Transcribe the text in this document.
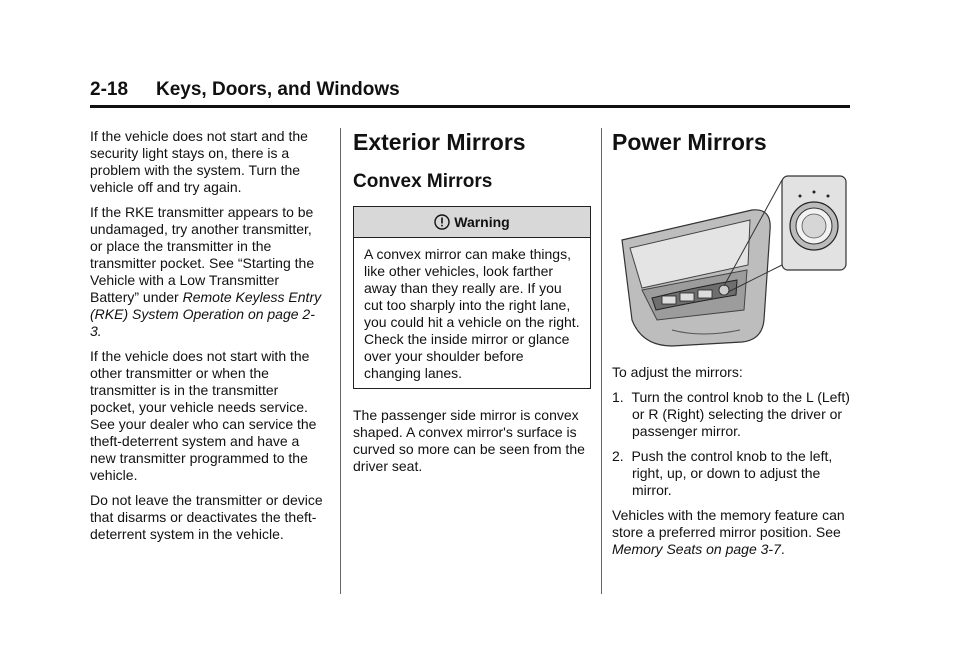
2-18 Keys, Doors, and Windows

If the vehicle does not start and the security light stays on, there is a problem with the system. Turn the vehicle off and try again.

If the RKE transmitter appears to be undamaged, try another transmitter, or place the transmitter in the transmitter pocket. See “Starting the Vehicle with a Low Transmitter Battery” under Remote Keyless Entry (RKE) System Operation on page 2-3.

If the vehicle does not start with the other transmitter or when the transmitter is in the transmitter pocket, your vehicle needs service. See your dealer who can service the theft-deterrent system and have a new transmitter programmed to the vehicle.

Do not leave the transmitter or device that disarms or deactivates the theft-deterrent system in the vehicle.

Exterior Mirrors
Convex Mirrors
Warning
A convex mirror can make things, like other vehicles, look farther away than they really are. If you cut too sharply into the right lane, you could hit a vehicle on the right. Check the inside mirror or glance over your shoulder before changing lanes.

The passenger side mirror is convex shaped. A convex mirror's surface is curved so more can be seen from the driver seat.

Power Mirrors

To adjust the mirrors:

1.  Turn the control knob to the L (Left) or R (Right) selecting the driver or passenger mirror.
2.  Push the control knob to the left, right, up, or down to adjust the mirror.

Vehicles with the memory feature can store a preferred mirror position. See Memory Seats on page 3-7.
